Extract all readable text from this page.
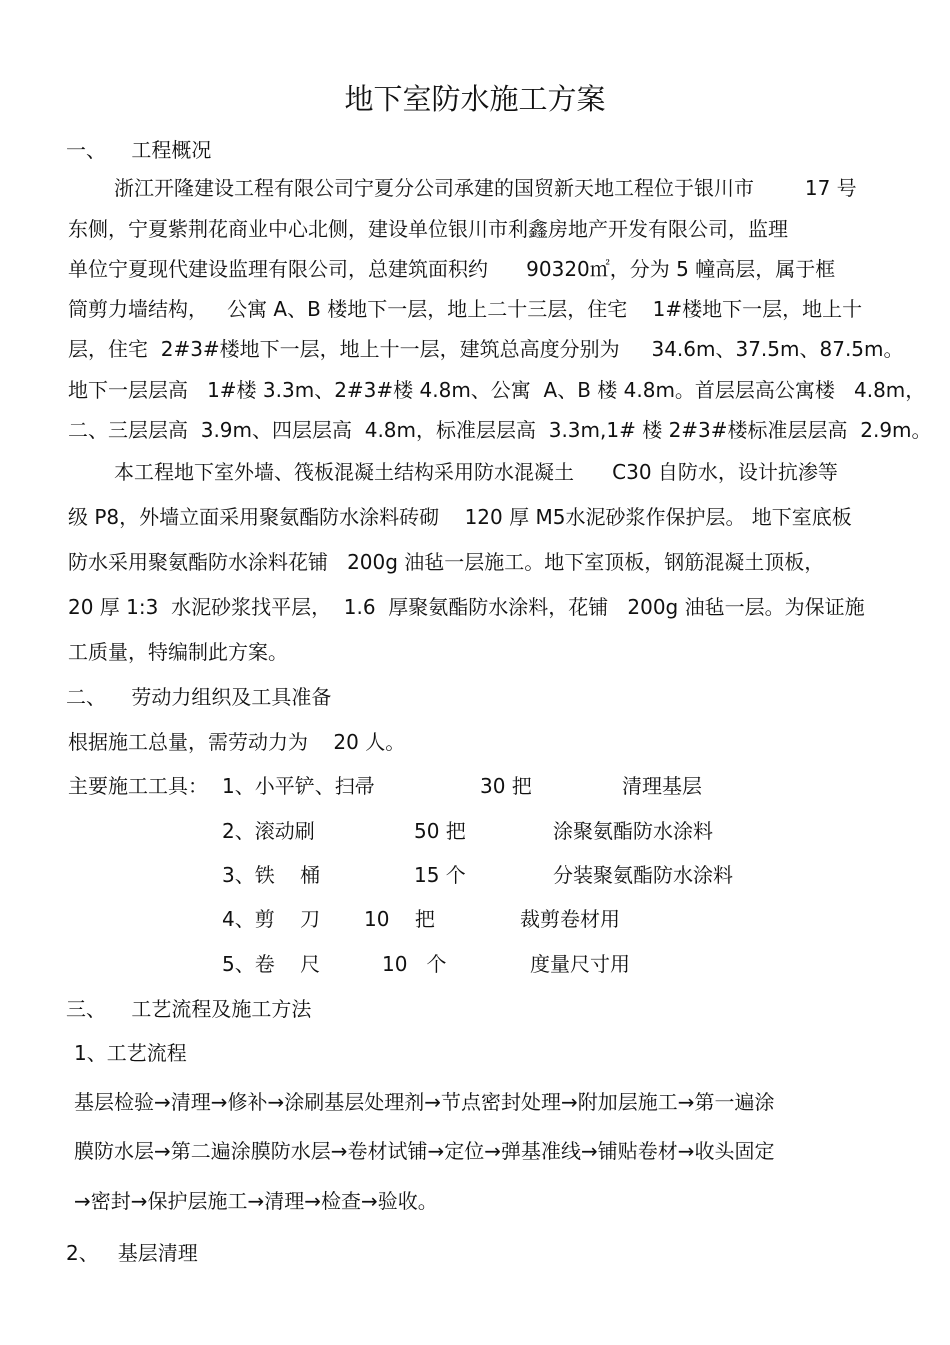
地下室防水施工方案
一、    工程概况
浙江开隆建设工程有限公司宁夏分公司承建的国贸新天地工程位于银川市        17 号
东侧，宁夏紫荆花商业中心北侧，建设单位银川市利鑫房地产开发有限公司，监理
单位宁夏现代建设监理有限公司，总建筑面积约      90320㎡，分为 5 幢高层，属于框
筒剪力墙结构，   公寓 A、B 楼地下一层，地上二十三层，住宅    1#楼地下一层，地上十
层，住宅  2#3#楼地下一层，地上十一层，建筑总高度分别为     34.6m、37.5m、87.5m。
地下一层层高   1#楼 3.3m、2#3#楼 4.8m、公寓  A、B 楼 4.8m。首层层高公寓楼   4.8m，
二、三层层高  3.9m、四层层高  4.8m，标准层层高  3.3m,1# 楼 2#3#楼标准层层高  2.9m。
本工程地下室外墙、筏板混凝土结构采用防水混凝土      C30 自防水，设计抗渗等
级 P8，外墙立面采用聚氨酯防水涂料砖砌    120 厚 M5水泥砂浆作保护层。 地下室底板
防水采用聚氨酯防水涂料花铺   200g 油毡一层施工。地下室顶板，钢筋混凝土顶板，
20 厚 1:3  水泥砂浆找平层，  1.6  厚聚氨酯防水涂料，花铺   200g 油毡一层。为保证施
工质量，特编制此方案。
二、    劳动力组织及工具准备
根据施工总量，需劳动力为    20 人。
主要施工工具： 1、小平铲、扫帚	30 把	清理基层
2、滚动刷	50 把	涂聚氨酯防水涂料
3、铁    桶	15 个	分装聚氨酯防水涂料
4、剪    刀 10    把	裁剪卷材用
5、卷    尺	10   个	度量尺寸用
三、    工艺流程及施工方法
1、工艺流程
基层检验→清理→修补→涂刷基层处理剂→节点密封处理→附加层施工→第一遍涂
膜防水层→第二遍涂膜防水层→卷材试铺→定位→弹基准线→铺贴卷材→收头固定
→密封→保护层施工→清理→检查→验收。
2、   基层清理
